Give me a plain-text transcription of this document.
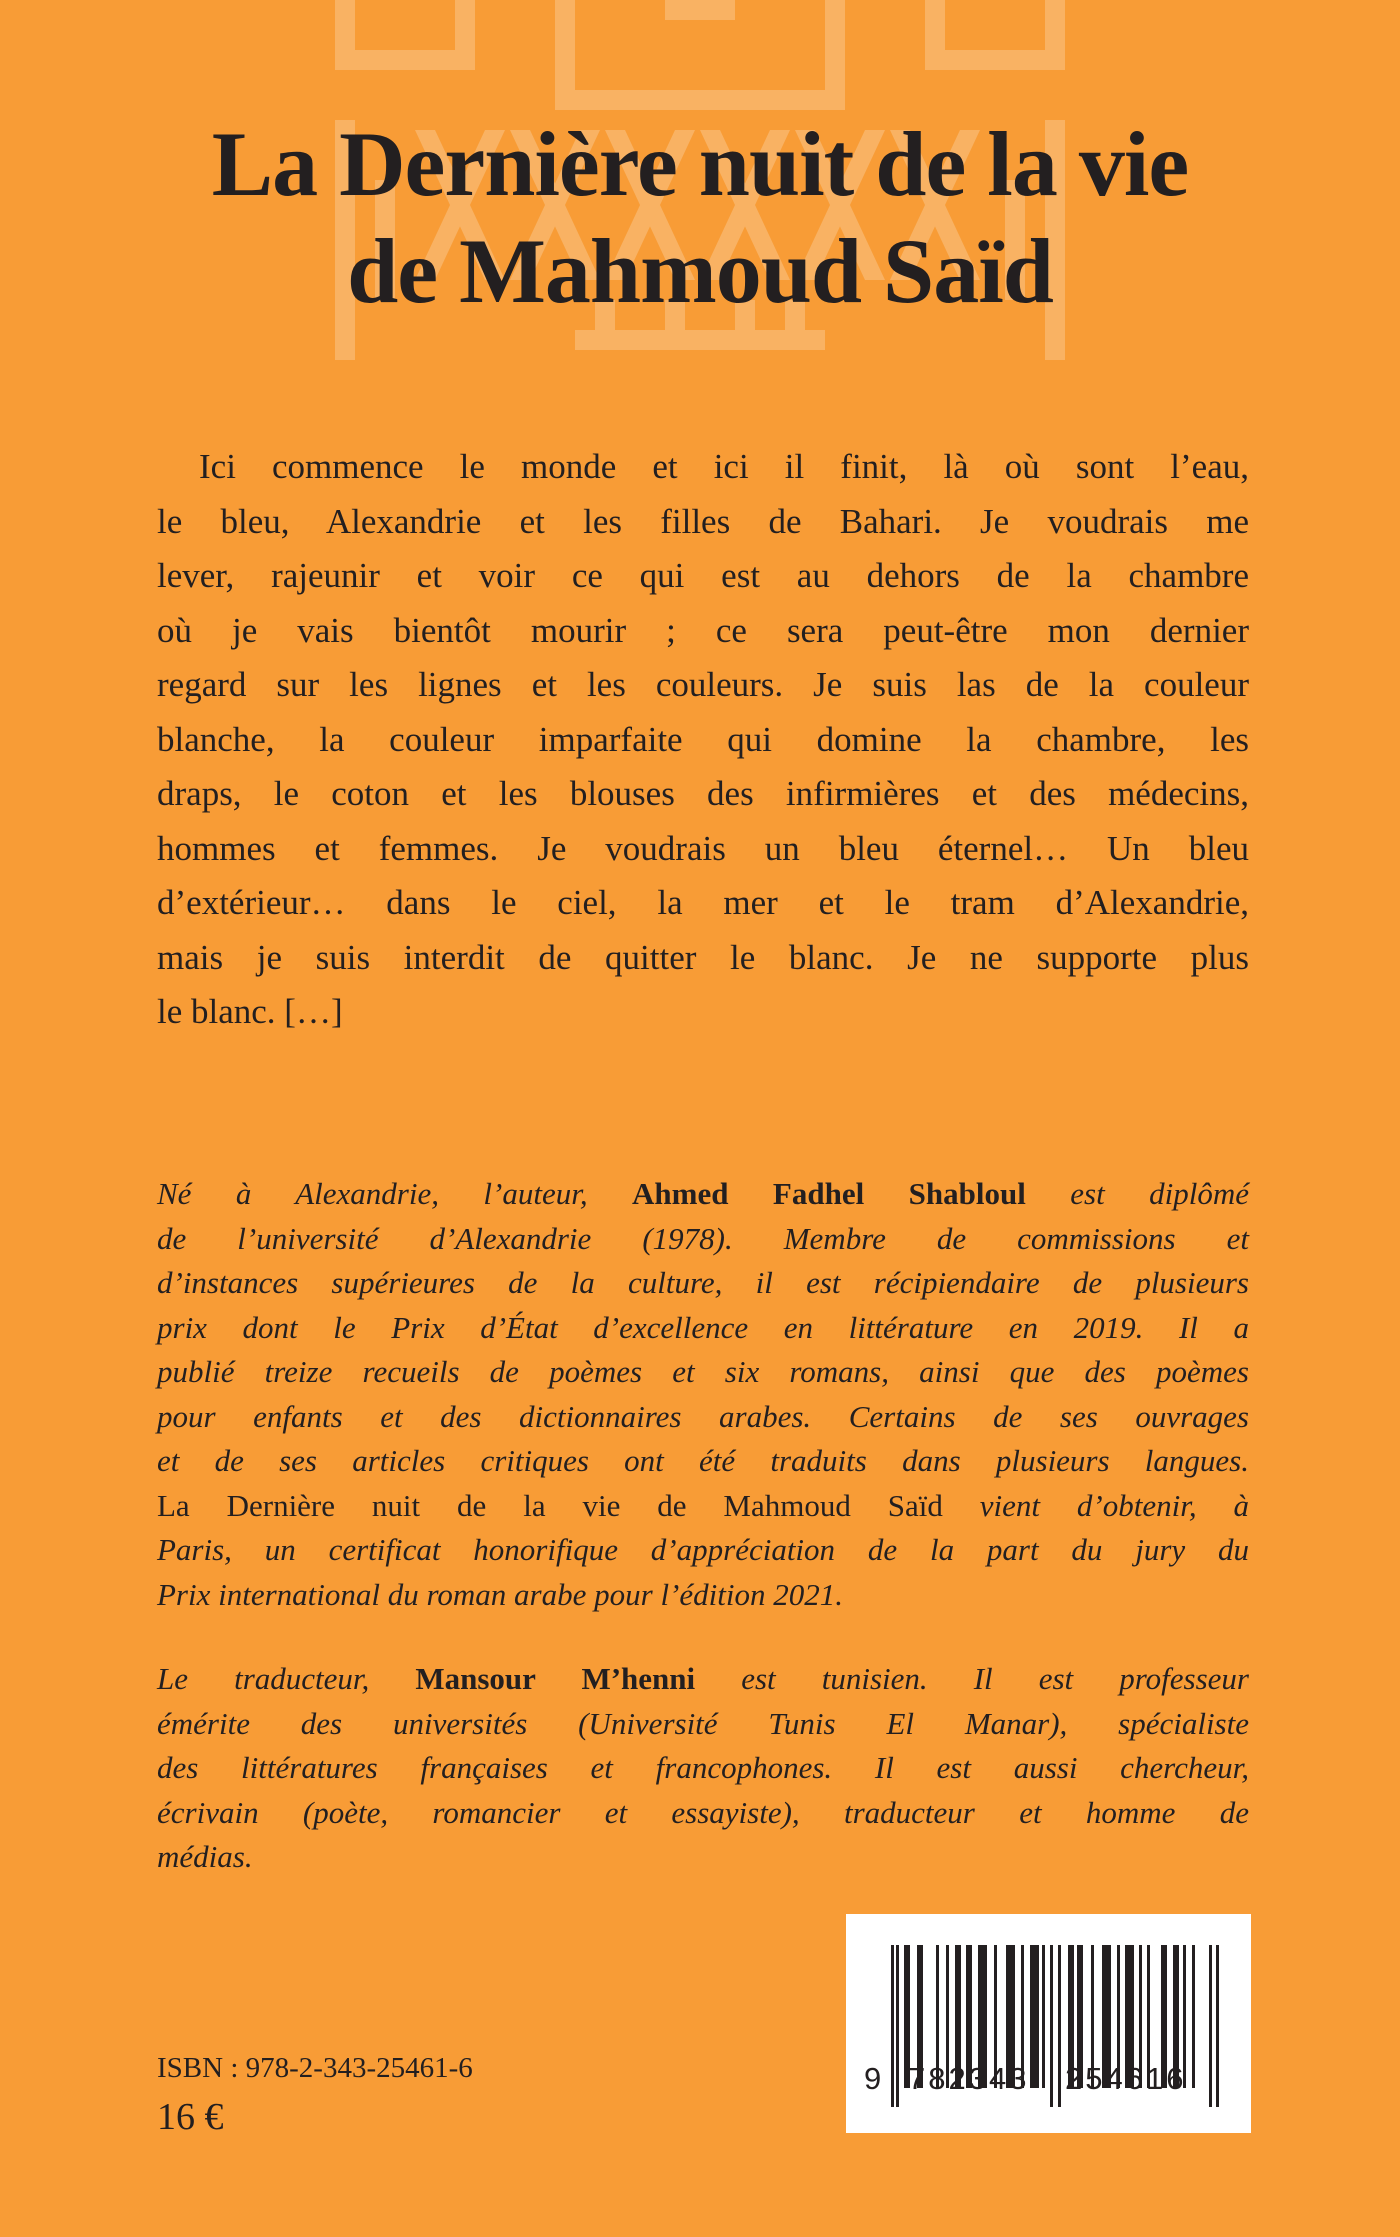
La Dernière nuit de la vie
de Mahmoud Saïd
Ici commence le monde et ici il finit, là où sont l’eau,
le bleu, Alexandrie et les filles de Bahari. Je voudrais me
lever, rajeunir et voir ce qui est au dehors de la chambre
où je vais bientôt mourir ; ce sera peut-être mon dernier
regard sur les lignes et les couleurs. Je suis las de la couleur
blanche, la couleur imparfaite qui domine la chambre, les
draps, le coton et les blouses des infirmières et des médecins,
hommes et femmes. Je voudrais un bleu éternel… Un bleu
d’extérieur… dans le ciel, la mer et le tram d’Alexandrie,
mais je suis interdit de quitter le blanc. Je ne supporte plus
le blanc. […]
Né à Alexandrie, l’auteur, Ahmed Fadhel Shabloul est diplômé
de l’université d’Alexandrie (1978). Membre de commissions et
d’instances supérieures de la culture, il est récipiendaire de plusieurs
prix dont le Prix d’État d’excellence en littérature en 2019. Il a
publié treize recueils de poèmes et six romans, ainsi que des poèmes
pour enfants et des dictionnaires arabes. Certains de ses ouvrages
et de ses articles critiques ont été traduits dans plusieurs langues.
La Dernière nuit de la vie de Mahmoud Saïd vient d’obtenir, à
Paris, un certificat honorifique d’appréciation de la part du jury du
Prix international du roman arabe pour l’édition 2021.
Le traducteur, Mansour M’henni est tunisien. Il est professeur
émérite des universités (Université Tunis El Manar), spécialiste
des littératures françaises et francophones. Il est aussi chercheur,
écrivain (poète, romancier et essayiste), traducteur et homme de
médias.
ISBN : 978-2-343-25461-6
16 €
9 782343 254616
